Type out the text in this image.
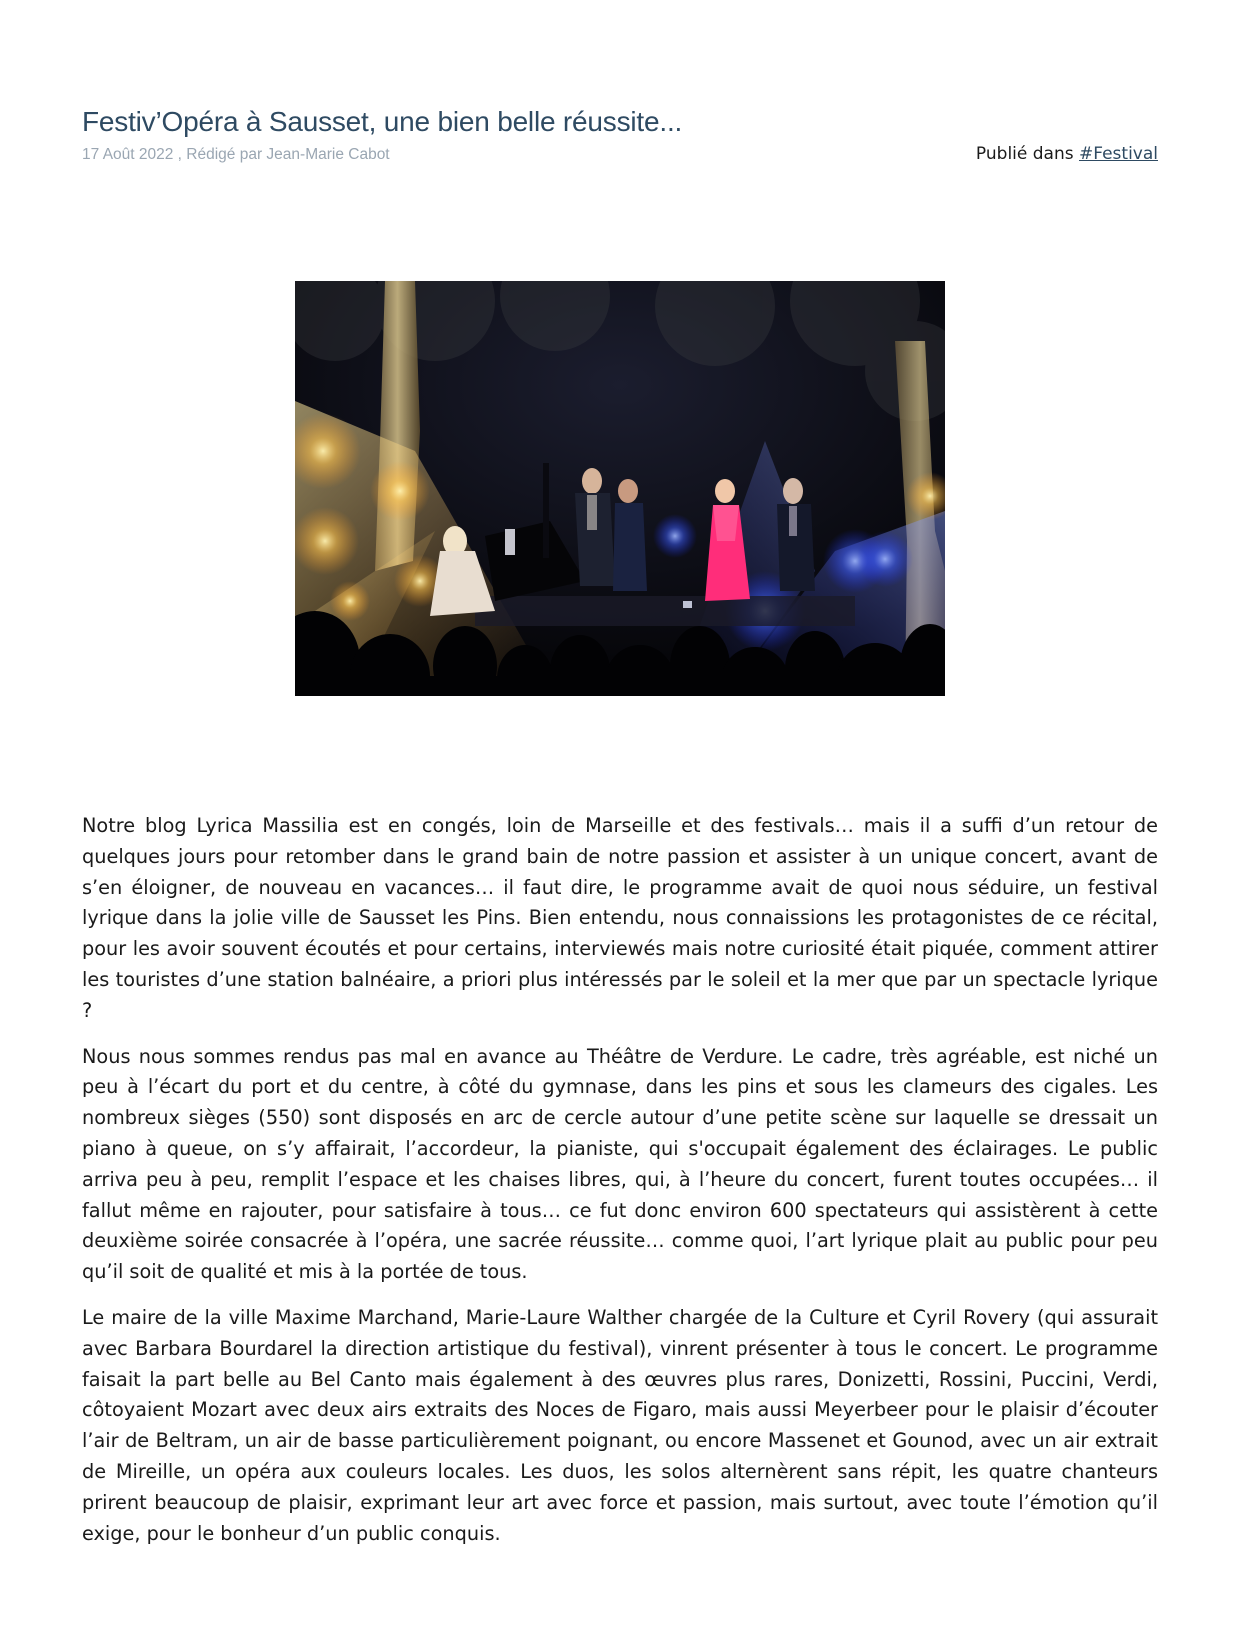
Festiv’Opéra à Sausset, une bien belle réussite...
17 Août 2022 , Rédigé par Jean-Marie Cabot	Publié dans #Festival

Notre blog Lyrica Massilia est en congés, loin de Marseille et des festivals… mais il a suffi d’un retour de quelques jours pour retomber dans le grand bain de notre passion et assister à un unique concert, avant de s’en éloigner, de nouveau en vacances… il faut dire, le programme avait de quoi nous séduire, un festival lyrique dans la jolie ville de Sausset les Pins. Bien entendu, nous connaissions les protagonistes de ce récital, pour les avoir souvent écoutés et pour certains, interviewés mais notre curiosité était piquée, comment attirer les touristes d’une station balnéaire, a priori plus intéressés par le soleil et la mer que par un spectacle lyrique ?

Nous nous sommes rendus pas mal en avance au Théâtre de Verdure. Le cadre, très agréable, est niché un peu à l’écart du port et du centre, à côté du gymnase, dans les pins et sous les clameurs des cigales. Les nombreux sièges (550) sont disposés en arc de cercle autour d’une petite scène sur laquelle se dressait un piano à queue, on s’y affairait, l’accordeur, la pianiste, qui s'occupait également des éclairages. Le public arriva peu à peu, remplit l’espace et les chaises libres, qui, à l’heure du concert, furent toutes occupées… il fallut même en rajouter, pour satisfaire à tous… ce fut donc environ 600 spectateurs qui assistèrent à cette deuxième soirée consacrée à l’opéra, une sacrée réussite… comme quoi, l’art lyrique plait au public pour peu qu’il soit de qualité et mis à la portée de tous.

Le maire de la ville Maxime Marchand, Marie-Laure Walther chargée de la Culture et Cyril Rovery (qui assurait avec Barbara Bourdarel la direction artistique du festival), vinrent présenter à tous le concert. Le programme faisait la part belle au Bel Canto mais également à des œuvres plus rares, Donizetti, Rossini, Puccini, Verdi, côtoyaient Mozart avec deux airs extraits des Noces de Figaro, mais aussi Meyerbeer pour le plaisir d’écouter l’air de Beltram, un air de basse particulièrement poignant, ou encore Massenet et Gounod, avec un air extrait de Mireille, un opéra aux couleurs locales. Les duos, les solos alternèrent sans répit, les quatre chanteurs prirent beaucoup de plaisir, exprimant leur art avec force et passion, mais surtout, avec toute l’émotion qu’il exige, pour le bonheur d’un public conquis.
